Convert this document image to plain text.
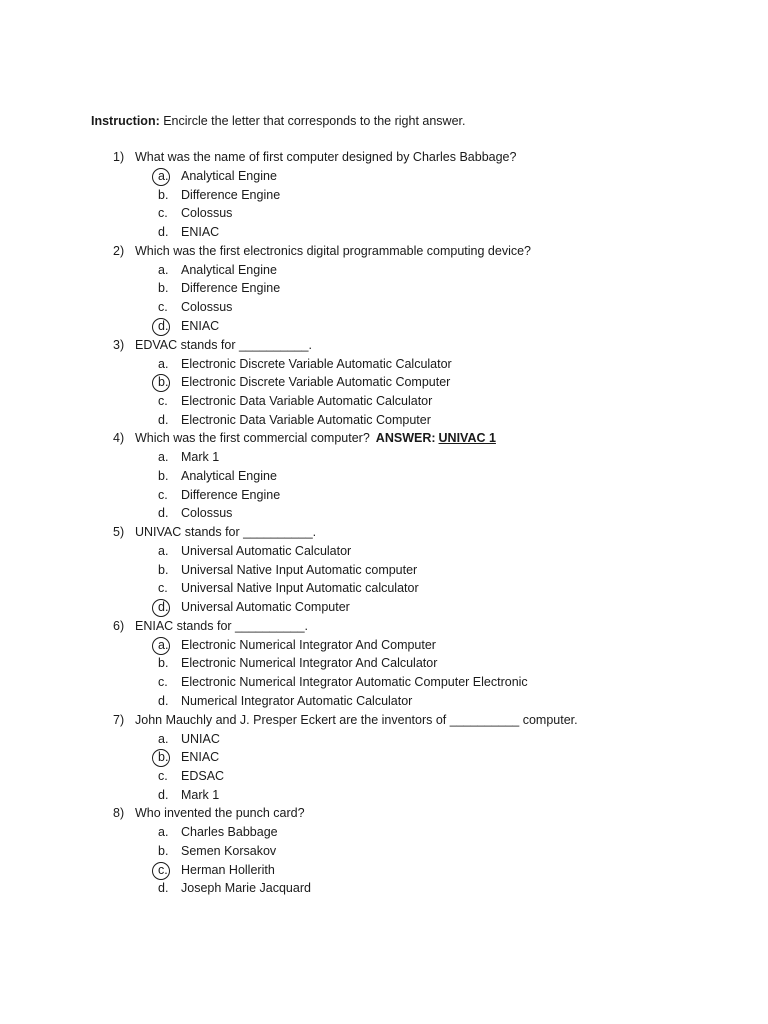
Instruction: Encircle the letter that corresponds to the right answer.
1) What was the name of first computer designed by Charles Babbage?
a. Analytical Engine
b. Difference Engine
c.	Colossus
d. ENIAC
2) Which was the first electronics digital programmable computing device?
a. Analytical Engine
b. Difference Engine
c.	Colossus
d. ENIAC
3) EDVAC stands for __________.
a. Electronic Discrete Variable Automatic Calculator
b. Electronic Discrete Variable Automatic Computer
c.	Electronic Data Variable Automatic Calculator
d. Electronic Data Variable Automatic Computer
4) Which was the first commercial computer? ANSWER: UNIVAC 1
a. Mark 1
b. Analytical Engine
c.	Difference Engine
d. Colossus
5) UNIVAC stands for __________.
a. Universal Automatic Calculator
b. Universal Native Input Automatic computer
c.	Universal Native Input Automatic calculator
d. Universal Automatic Computer
6) ENIAC stands for __________.
a. Electronic Numerical Integrator And Computer
b. Electronic Numerical Integrator And Calculator
c.	Electronic Numerical Integrator Automatic Computer Electronic
d. Numerical Integrator Automatic Calculator
7) John Mauchly and J. Presper Eckert are the inventors of __________ computer.
a. UNIAC
b. ENIAC
c.	EDSAC
d. Mark 1
8) Who invented the punch card?
a. Charles Babbage
b. Semen Korsakov
c.	Herman Hollerith
d. Joseph Marie Jacquard
